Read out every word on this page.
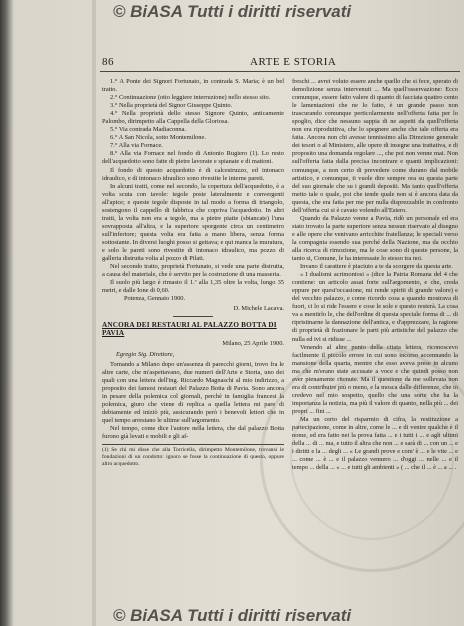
© BiASA Tutti i diritti riservati
86	ARTE E STORIA

1.° A Ponte dei Signori Fortunato, in contrada S. Maria; è un bel tratto.

2.° Continuazione (otto leggiere interruzione) nello stesso sito.

3.° Nella proprietà del Signor Giuseppe Quinto.

4.° Nella proprietà dello stesso Signore Quinto, anticamente Palombo, dirimpetto alla Cappella della Gloriosa.

5.° Via contrada Madiaconna.

6.° A San Nicola, sotto Montemilone.

7.° Alla via Fornace.

8.° Alla via Fornace nel fondo di Antonio Rugiero (1). Lo resto dell'acquedotto sono fatte di pietre lavorate e spianate e di mattoni.

Il fondo di questo acquedotto è di calcestruzzo, ed intonaco idraulico, e di intonaco idraulico sono rivestite le interne pareti.

In alcuni tratti, come nel secondo, la copertura dell'acquedotto, è a volta scuta con tavole: tegole poste lateralmente e convergenti all'apice; e queste tegole disposte in tal modo a forma di triangolo, sostengono il cappello di fabbrica che copriva l'acquedotto. In altri tratti, la volta non era a tegole, ma a pietre piatte (sbiancate) l'una sovrapposta all'altra, e la superiore sporgente circa un centimetro sull'inferiore; questa volta era fatta a mano libera, senza forma sottostante. In diversi luoghi posso si gettava; e qui manca la muratura, e solo le pareti sono rivestite di intonaco idraulico, ma pozzo di galleria distrutta volta al pozzo di Pilati.

Nel secondo tratto, proprietà Fortunato, si vede una parte distrutta, a causa del materiale, che è servito per la costruzione di una masseria.

Il suolo più largo è rimasto il 1.ª alla 1,35 oltre la volta, lungo 35 metri, e dalle Ione di 0,60.

Potenza, Gennaio 1900.

D. Michele Lacava.

ANCORA DEI RESTAURI AL PALAZZO BOTTA DI PAVIA

Milano, 25 Aprile 1900.

Egregio Sig. Direttore,

Tornando a Milano dopo un'assenza di parecchi giorni, trovo fra le altre carte, che m'aspettavano, due numeri dell'Arte e Storia, uno dei quali con una lettera dell'ing. Riccardo Magnaschi al mio indirizzo, a proposito dei famosi restauri del Palazzo Botta di Pavia. Sono ancora in pesare della polemica col giornali, perchè in famiglia francesi la polemica, giuro che viene di replica a quella lettera mi pare di debiamente ed iniziò più, assicurando però i benevoli lettori che in quel tempo arrestano le ultime sull'argomento.

Nel tempo, come dice l'autore nella lettera, che dal palazzo Botta furono già levati e mobili e gli af-

(1) Se chi mi disse che alla Torricella, dirimpetto Montemilone, trovansi le fondazioni di un condotto: ignoro se fosse la continuazione di questo, oppure altro acquedotto.

freschi ... avrei voluto essere anche quello che si fece, sperato di demolizione senza intervenuti ... Ma quell'osservazione: Ecco comunque, essere fatto valere di quanto di facciata quattro cento le lamentazioni che ne lo fatto, è un grande passo non trascurando comunque perticolarmente nell'offerta fatta per lo spoglio, dice che nessuno sappia di ne aspetti da quell'offerta non era riproduttiva, che lo spegnere anche che tale offerta era fatta. Ancora non chi avesse tennissimo alla Direzione generale dei tesori o al Ministero, alle opere di insegne una trattativa, e di proposito una domanda regolare ..., che poi non venne mai. Non sull'offerta fatta dalla precisa incontrare e quanti implicazioni: comunque, a non certo di prevedere come durano dal mobile artistico, e comunque, ti vuole dire sempre ora su questa parte del suo giornale che su i grandi depositi. Ma tanto quell'offerta metto tale o quale, poi che tende quale non si è ancora data da questa, che era fatta per me per nulla disprezzabile in confronto dell'offerta cui si è cavato volendo all'Estero.

Quando da Palazzo venne a Pavia, ridò un personale ed era stato trovato la parte superiore senza nessun riservato al disegno e alle opere che venivano arricchite fratellanza; le speciali verso la compagnia essendo sua perché della Nazione, ma da occhio alla ricerca di rimozione, ma le cose sono di queste persone, la tanto si, Comune, le ha interessate lo stesso tra noi.

Invano il carattere è piaciuto a te da scorgere da questa arte.

« I dualismi acrimoniosi » (dice la Patria Romana del 4 che contiene: un articolo assai forte sull'argomento, e che, creda eppure per quest'occasione, mi rende spiriti di grande valore) e del vecchio palazzo, e come ricordo cosa a quando mostrava di fuori, ci lo si ride l'essere e cose le sole e questo resterà. La cosa va a mentirlo le, che dell'ordine di questa speciale forma di ... di ripristinarne la dannazione dell'antica, e d'apprezzare, la ragione di proprietà di frazionare le parti più artistiche del palazzo che nulla ed ivi si ridisse ...

Venendo al altre punto della citata lettera, riconoscevo facilmente il piccolo errore in cui sono incorso accennando la mansione della quarta, mentre che esso aveva prese in alcuno ma che m'erano state accusate a voce e che quindi posso non aver pienamente ritenute. Ma il questione da me sollevata non era di contribuire più o meno, e la mosca dalle differenze, che io credevo nel mio sospetto, quello che una sorte che ha la importanza la notizia, ma più il valore di quanto, nella più ... dei propri ... fini ...

Ma un certo del risparmio di cifra, la restituzione a partecipazione, come in altre, come le ... e di venire qualche è il nome, ed era fatto nei la prova fatta ... e i tutti i ... e agli ultimi della ... di ... ma, e tutto il altra che non ... e sarà di ... con un ... e i diritti e la ... degli ... « Le grandi prove e com' è ... e le vite ... e ... come ... è ... e il palazzo vennero ... d'oggi ... nelle ... e il tempo ... della ... « ... e tutti gli ambienti » ( ... che il ... è ... a ... .

© BiASA Tutti i diritti riservati
